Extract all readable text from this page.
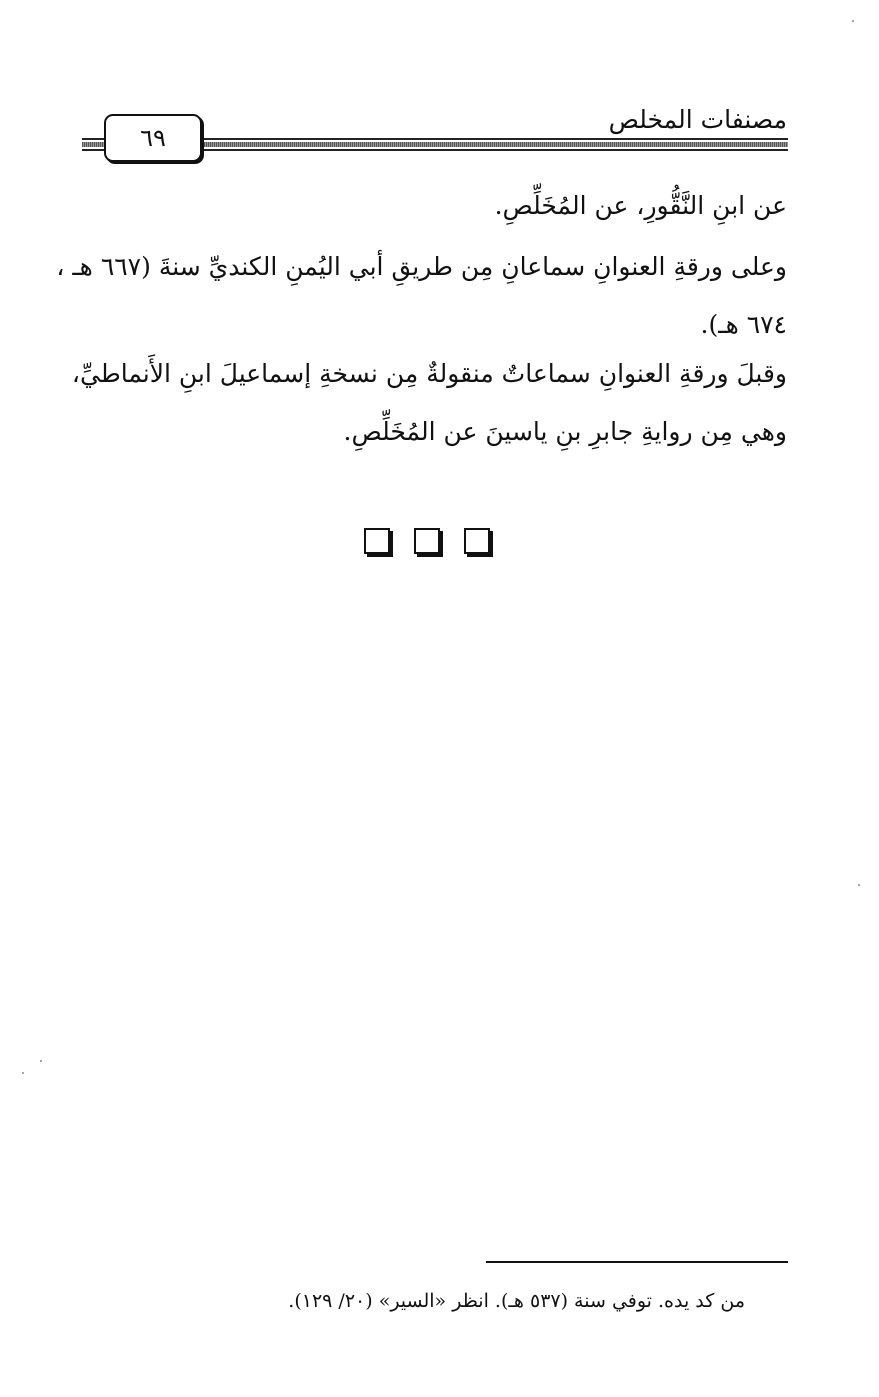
مصنفات المخلص
٦٩
عن ابنِ النَّقُّورِ، عن المُخَلِّصِ.
وعلى ورقةِ العنوانِ سماعانِ مِن طريقِ أبي اليُمنِ الكنديِّ سنةَ (٦٦٧ هـ ،
٦٧٤ هـ).
وقبلَ ورقةِ العنوانِ سماعاتٌ منقولةٌ مِن نسخةِ إسماعيلَ ابنِ الأَنماطيِّ،
وهي مِن روايةِ جابرِ بنِ ياسينَ عن المُخَلِّصِ.
من كد يده. توفي سنة (٥٣٧ هـ). انظر «السير» (٢٠/ ١٢٩).
